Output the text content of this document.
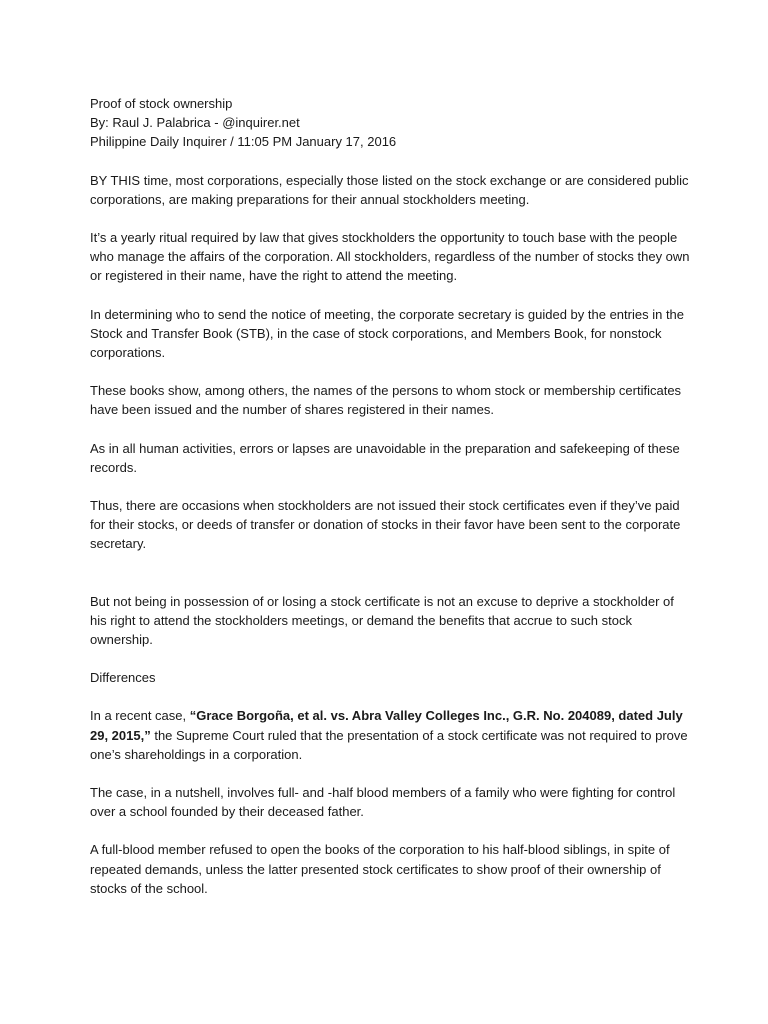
Proof of stock ownership
By: Raul J. Palabrica - @inquirer.net
Philippine Daily Inquirer / 11:05 PM January 17, 2016

BY THIS time, most corporations, especially those listed on the stock exchange or are considered public corporations, are making preparations for their annual stockholders meeting.

It’s a yearly ritual required by law that gives stockholders the opportunity to touch base with the people who manage the affairs of the corporation. All stockholders, regardless of the number of stocks they own or registered in their name, have the right to attend the meeting.

In determining who to send the notice of meeting, the corporate secretary is guided by the entries in the Stock and Transfer Book (STB), in the case of stock corporations, and Members Book, for nonstock corporations.

These books show, among others, the names of the persons to whom stock or membership certificates have been issued and the number of shares registered in their names.

As in all human activities, errors or lapses are unavoidable in the preparation and safekeeping of these records.

Thus, there are occasions when stockholders are not issued their stock certificates even if they’ve paid for their stocks, or deeds of transfer or donation of stocks in their favor have been sent to the corporate secretary.

But not being in possession of or losing a stock certificate is not an excuse to deprive a stockholder of his right to attend the stockholders meetings, or demand the benefits that accrue to such stock ownership.

Differences

In a recent case, “Grace Borgoña, et al. vs. Abra Valley Colleges Inc., G.R. No. 204089, dated July 29, 2015,” the Supreme Court ruled that the presentation of a stock certificate was not required to prove one’s shareholdings in a corporation.

The case, in a nutshell, involves full- and -half blood members of a family who were fighting for control over a school founded by their deceased father.

A full-blood member refused to open the books of the corporation to his half-blood siblings, in spite of repeated demands, unless the latter presented stock certificates to show proof of their ownership of stocks of the school.
